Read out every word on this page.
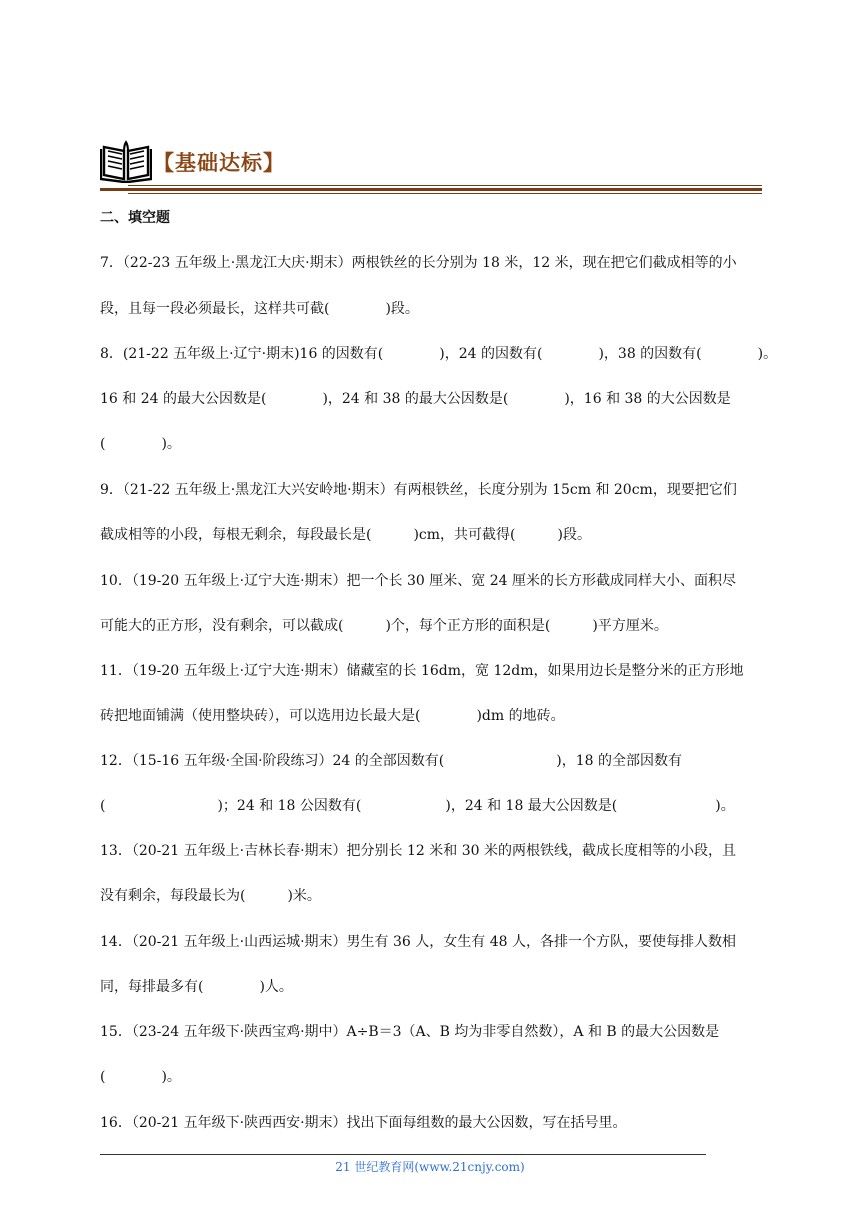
【基础达标】
二、填空题
7．（22-23 五年级上·黑龙江大庆·期末）两根铁丝的长分别为 18 米，12 米，现在把它们截成相等的小
段，且每一段必须最长，这样共可截(　　　　)段。
8．(21-22 五年级上·辽宁·期末)16 的因数有(　　　　)，24 的因数有(　　　　)，38 的因数有(　　　　)。
16 和 24 的最大公因数是(　　　　)，24 和 38 的最大公因数是(　　　　)，16 和 38 的大公因数是
(　　　　)。
9．（21-22 五年级上·黑龙江大兴安岭地·期末）有两根铁丝，长度分别为 15cm 和 20cm，现要把它们
截成相等的小段，每根无剩余，每段最长是(　　　)cm，共可截得(　　　)段。
10．（19-20 五年级上·辽宁大连·期末）把一个长 30 厘米、宽 24 厘米的长方形截成同样大小、面积尽
可能大的正方形，没有剩余，可以截成(　　　)个，每个正方形的面积是(　　　)平方厘米。
11．（19-20 五年级上·辽宁大连·期末）储藏室的长 16dm，宽 12dm，如果用边长是整分米的正方形地
砖把地面铺满（使用整块砖），可以选用边长最大是(　　　　)dm 的地砖。
12．（15-16 五年级·全国·阶段练习）24 的全部因数有(　　　　　　　　)，18 的全部因数有
(　　　　　　　　)；24 和 18 公因数有(　　　　　　)，24 和 18 最大公因数是(　　　　　　　)。
13．（20-21 五年级上·吉林长春·期末）把分别长 12 米和 30 米的两根铁线，截成长度相等的小段，且
没有剩余，每段最长为(　　　)米。
14．（20-21 五年级上·山西运城·期末）男生有 36 人，女生有 48 人，各排一个方队，要使每排人数相
同，每排最多有(　　　　)人。
15．（23-24 五年级下·陕西宝鸡·期中）A÷B＝3（A、B 均为非零自然数），A 和 B 的最大公因数是
(　　　　)。
16．（20-21 五年级下·陕西西安·期末）找出下面每组数的最大公因数，写在括号里。
21 世纪教育网(www.21cnjy.com)
